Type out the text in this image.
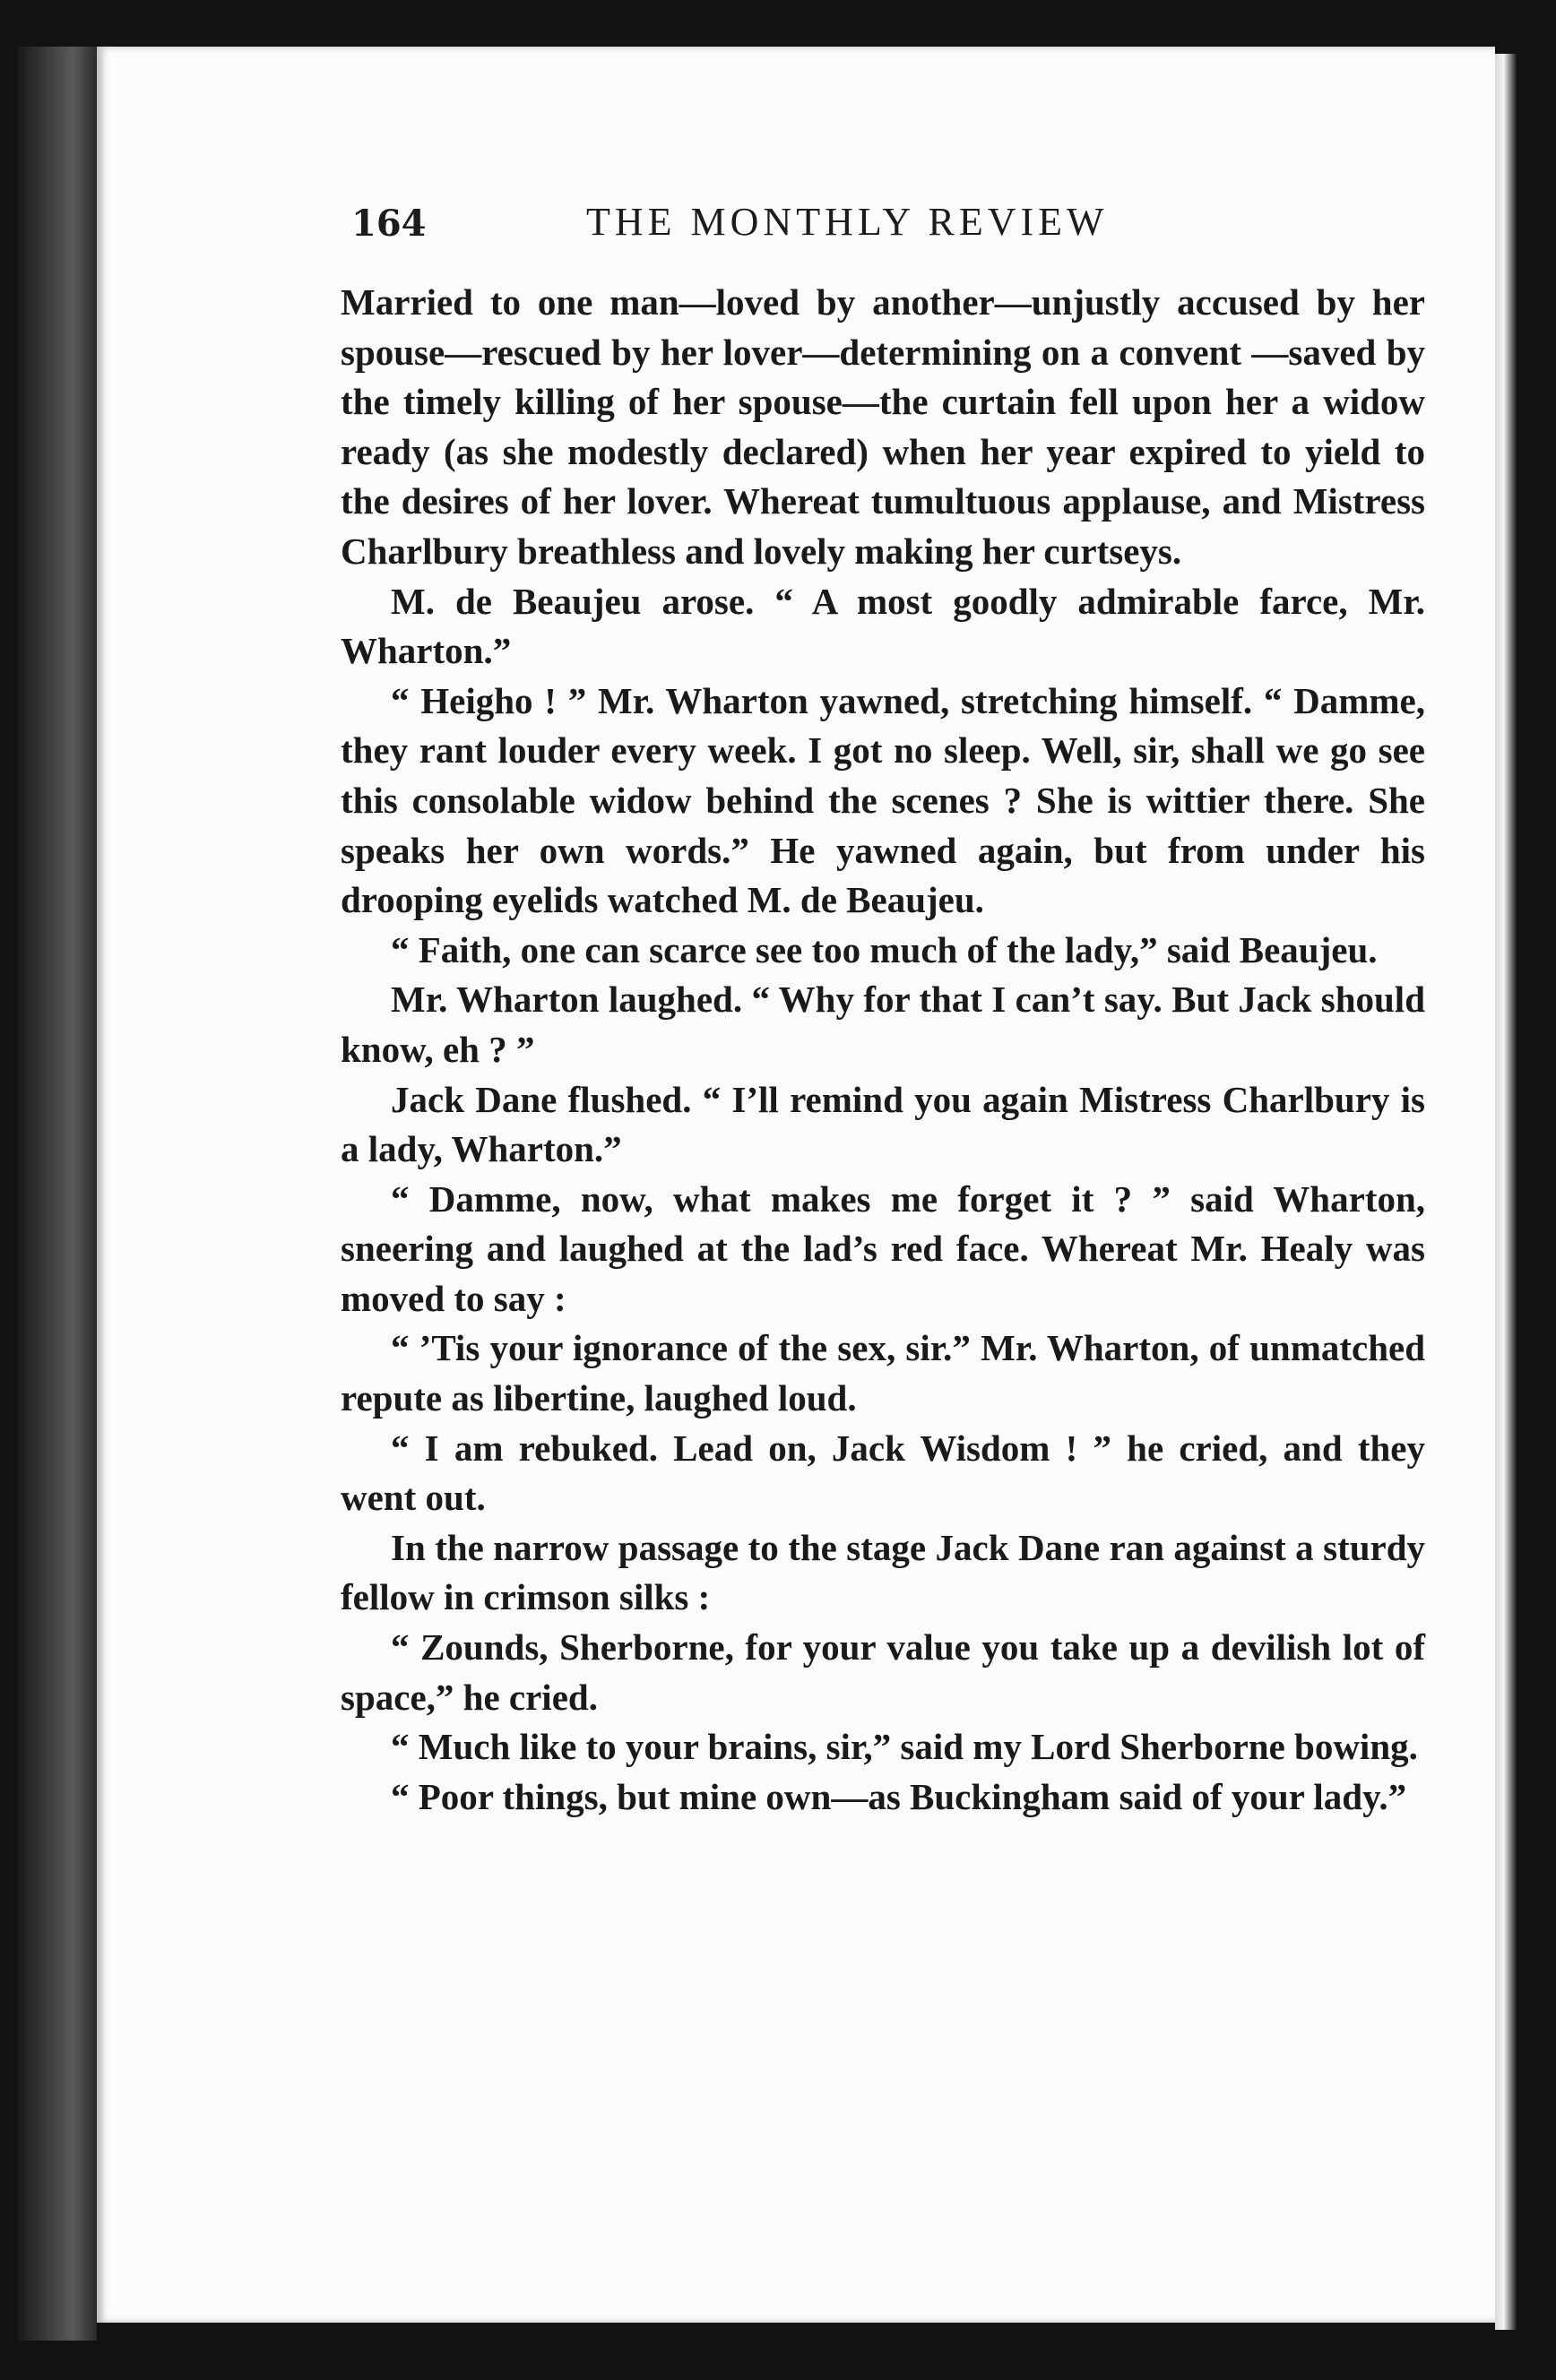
164	THE MONTHLY REVIEW

Married to one man—loved by another—unjustly accused by her spouse—rescued by her lover—determining on a convent —saved by the timely killing of her spouse—the curtain fell upon her a widow ready (as she modestly declared) when her year expired to yield to the desires of her lover. Whereat tumultuous applause, and Mistress Charlbury breathless and lovely making her curtseys.

M. de Beaujeu arose. “ A most goodly admirable farce, Mr. Wharton.”

“ Heigho ! ” Mr. Wharton yawned, stretching himself. “ Damme, they rant louder every week. I got no sleep. Well, sir, shall we go see this consolable widow behind the scenes ? She is wittier there. She speaks her own words.” He yawned again, but from under his drooping eyelids watched M. de Beaujeu.

“ Faith, one can scarce see too much of the lady,” said Beaujeu.

Mr. Wharton laughed. “ Why for that I can’t say. But Jack should know, eh ? ”

Jack Dane flushed. “ I’ll remind you again Mistress Charlbury is a lady, Wharton.”

“ Damme, now, what makes me forget it ? ” said Wharton, sneering and laughed at the lad’s red face. Whereat Mr. Healy was moved to say :

“ ’Tis your ignorance of the sex, sir.” Mr. Wharton, of unmatched repute as libertine, laughed loud.

“ I am rebuked. Lead on, Jack Wisdom ! ” he cried, and they went out.

In the narrow passage to the stage Jack Dane ran against a sturdy fellow in crimson silks :

“ Zounds, Sherborne, for your value you take up a devilish lot of space,” he cried.

“ Much like to your brains, sir,” said my Lord Sherborne bowing.

“ Poor things, but mine own—as Buckingham said of your lady.”
